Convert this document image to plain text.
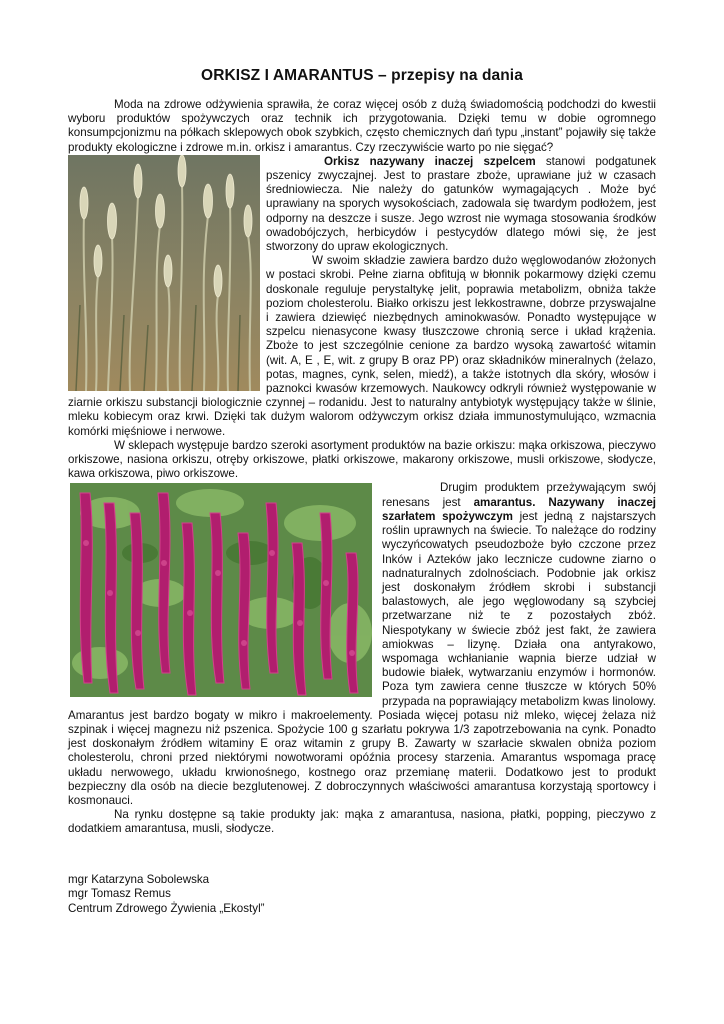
ORKISZ I AMARANTUS – przepisy na dania

Moda na zdrowe odżywienia sprawiła, że coraz więcej osób z dużą świadomością podchodzi do kwestii wyboru produktów spożywczych oraz technik ich przygotowania. Dzięki temu w dobie ogromnego konsumpcjonizmu na półkach sklepowych obok szybkich, często chemicznych dań typu „instant” pojawiły się także produkty ekologiczne i zdrowe m.in. orkisz i amarantus. Czy rzeczywiście warto po nie sięgać?

Orkisz nazywany inaczej szpelcem stanowi podgatunek pszenicy zwyczajnej. Jest to prastare zboże, uprawiane już w czasach średniowiecza. Nie należy do gatunków wymagających . Może być uprawiany na sporych wysokościach, zadowala się twardym podłożem, jest odporny na deszcze i susze. Jego wzrost nie wymaga stosowania środków owadobójczych, herbicydów i pestycydów dlatego mówi się, że jest stworzony do upraw ekologicznych.

W swoim składzie zawiera bardzo dużo węglowodanów złożonych w postaci skrobi. Pełne ziarna obfitują w błonnik pokarmowy dzięki czemu doskonale reguluje perystaltykę jelit, poprawia metabolizm, obniża także poziom cholesterolu. Białko orkiszu jest lekkostrawne, dobrze przyswajalne i zawiera dziewięć niezbędnych aminokwasów. Ponadto występujące w szpelcu nienasycone kwasy tłuszczowe chronią serce i układ krążenia. Zboże to jest szczególnie cenione za bardzo wysoką zawartość witamin (wit. A, E , E, wit. z grupy B oraz PP) oraz składników mineralnych (żelazo, potas, magnes, cynk, selen, miedź), a także istotnych dla skóry, włosów i paznokci kwasów krzemowych. Naukowcy odkryli również występowanie w ziarnie orkiszu substancji biologicznie czynnej – rodanidu. Jest to naturalny antybiotyk występujący także w ślinie, mleku kobiecym oraz krwi. Dzięki tak dużym walorom odżywczym orkisz działa immunostymulująco, wzmacnia komórki mięśniowe i nerwowe.

W sklepach występuje bardzo szeroki asortyment produktów na bazie orkiszu: mąka orkiszowa, pieczywo orkiszowe, nasiona orkiszu, otręby orkiszowe, płatki orkiszowe, makarony orkiszowe, musli orkiszowe, słodycze, kawa orkiszowa, piwo orkiszowe.

Drugim produktem przeżywającym swój renesans jest amarantus. Nazywany inaczej szarłatem spożywczym jest jedną z najstarszych roślin uprawnych na świecie. To należące do rodziny wyczyńcowatych pseudozboże było czczone przez Inków i Azteków jako lecznicze cudowne ziarno o nadnaturalnych zdolnościach. Podobnie jak orkisz jest doskonałym źródłem skrobi i substancji balastowych, ale jego węglowodany są szybciej przetwarzane niż te z pozostałych zbóż. Niespotykany w świecie zbóż jest fakt, że zawiera amiokwas – lizynę. Działa ona antyrakowo, wspomaga wchłanianie wapnia bierze udział w budowie białek, wytwarzaniu enzymów i hormonów. Poza tym zawiera cenne tłuszcze w których 50% przypada na poprawiający metabolizm kwas linolowy. Amarantus jest bardzo bogaty w mikro i makroelementy. Posiada więcej potasu niż mleko, więcej żelaza niż szpinak i więcej magnezu niż pszenica. Spożycie 100 g szarłatu pokrywa 1/3 zapotrzebowania na cynk. Ponadto jest doskonałym źródłem witaminy E oraz witamin z grupy B. Zawarty w szarłacie skwalen obniża poziom cholesterolu, chroni przed niektórymi nowotworami opóźnia procesy starzenia. Amarantus wspomaga pracę układu nerwowego, układu krwionośnego, kostnego oraz przemianę materii. Dodatkowo jest to produkt bezpieczny dla osób na diecie bezglutenowej. Z dobroczynnych właściwości amarantusa korzystają sportowcy i kosmonauci.

Na rynku dostępne są takie produkty jak: mąka z amarantusa, nasiona, płatki, popping, pieczywo z dodatkiem amarantusa, musli, słodycze.

mgr Katarzyna Sobolewska
mgr Tomasz Remus
Centrum Zdrowego Żywienia „Ekostyl”
